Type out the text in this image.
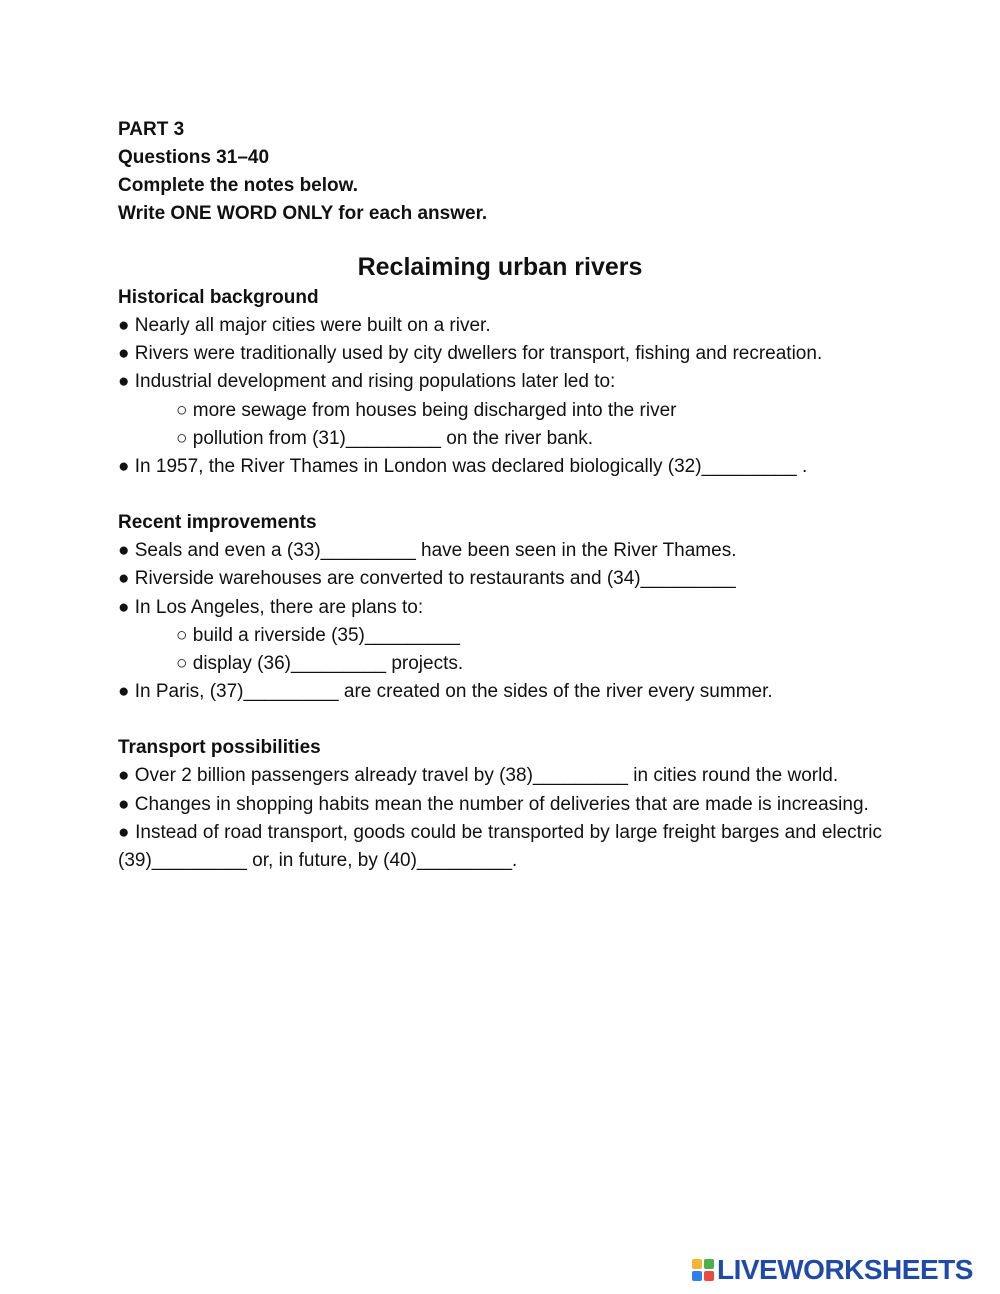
PART 3
Questions 31–40
Complete the notes below.
Write ONE WORD ONLY for each answer.
Reclaiming urban rivers
Historical background
● Nearly all major cities were built on a river.
● Rivers were traditionally used by city dwellers for transport, fishing and recreation.
● Industrial development and rising populations later led to:
○ more sewage from houses being discharged into the river
○ pollution from (31)_________ on the river bank.
● In 1957, the River Thames in London was declared biologically (32)_________ .
Recent improvements
● Seals and even a (33)_________ have been seen in the River Thames.
● Riverside warehouses are converted to restaurants and (34)_________
● In Los Angeles, there are plans to:
○ build a riverside (35)_________
○ display (36)_________ projects.
● In Paris, (37)_________ are created on the sides of the river every summer.
Transport possibilities
● Over 2 billion passengers already travel by (38)_________ in cities round the world.
● Changes in shopping habits mean the number of deliveries that are made is increasing.
● Instead of road transport, goods could be transported by large freight barges and electric (39)_________ or, in future, by (40)_________.
LIVEWORKSHEETS
